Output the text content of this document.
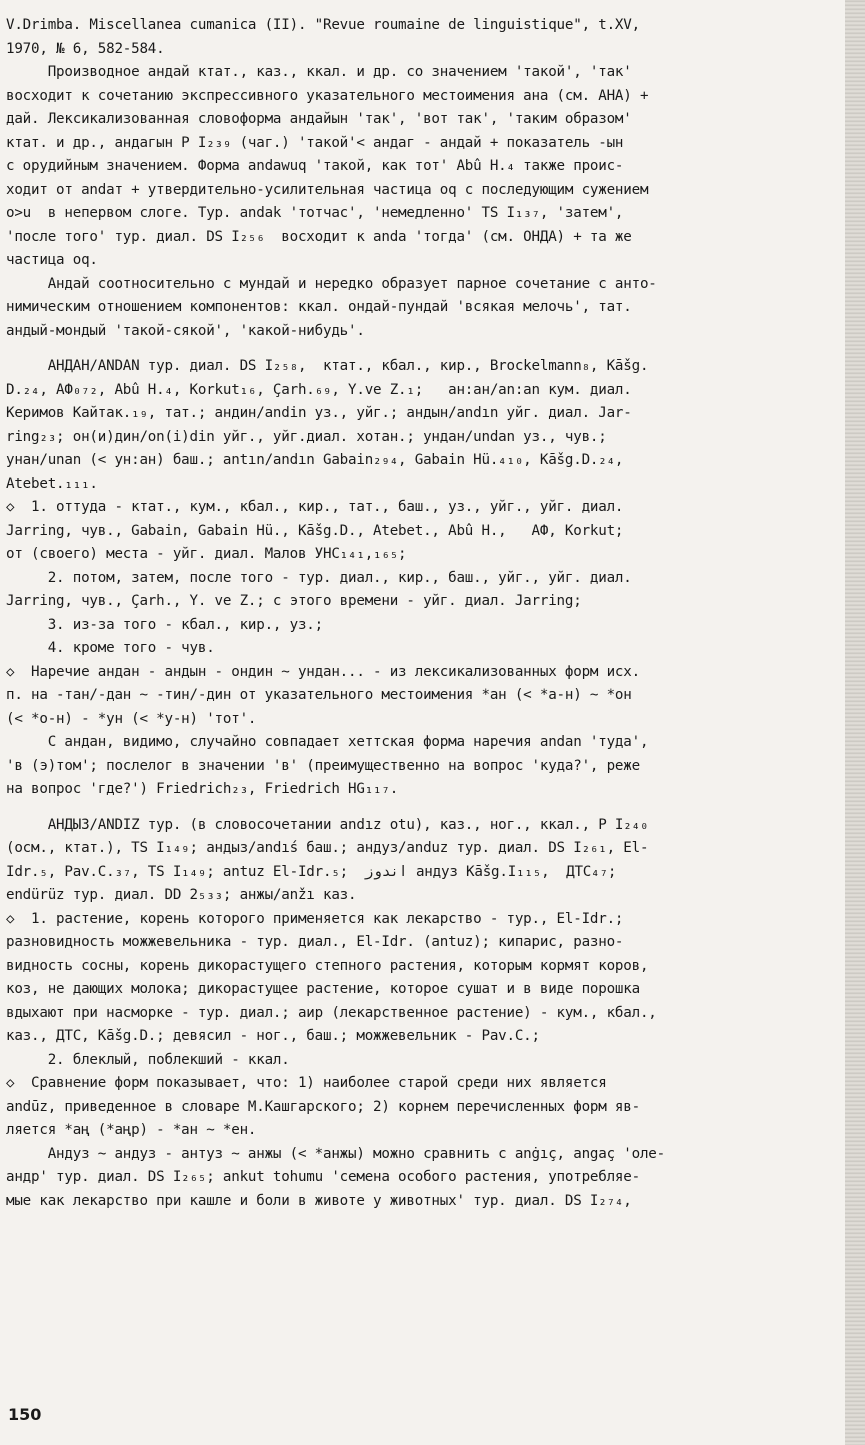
V.Drimba. Miscellanea cumanica (II). "Revue roumaine de linguistique", t.XV,
1970, № 6, 582-584.
Производное андай ктат., каз., ккал. и др. со значением 'такой', 'так'
восходит к сочетанию экспрессивного указательного местоимения ана (см. АНА) +
дай. Лексикализованная словоформа андайын 'так', 'вот так', 'таким образом'
ктат. и др., андагын P I₂₃₉ (чаг.) 'такой'< андаг - андай + показатель -ын
с орудийным значением. Форма andawuq 'такой, как тот' Abû H.₄ также проис-
ходит от andaт + утвердительно-усилительная частица oq с последующим сужением
o>u  в непервом слоге. Тур. andak 'тотчас', 'немедленно' TS I₁₃₇, 'затем',
'после того' тур. диал. DS I₂₅₆  восходит к anda 'тогда' (см. ОНДА) + та же
частица oq.
Андай соотносительно с мундай и нередко образует парное сочетание с анто-
нимическим отношением компонентов: ккал. ондай-пундай 'всякая мелочь', тат.
андый-мондый 'такой-сякой', 'какой-нибудь'.
АНДАН/ANDAN тур. диал. DS I₂₅₈,  ктат., кбал., кир., Brockelmann₈, Kāšg.
D.₂₄, АФ₀₇₂, Abû H.₄, Korkut₁₆, Çarh.₆₉, Y.ve Z.₁;   ан:ан/an:an кум. диал.
Керимов Кайтак.₁₉, тат.; андин/andin уз., уйг.; андын/andın уйг. диал. Jar-
ring₂₃; он(и)дин/on(i)din уйг., уйг.диал. хотан.; ундан/undan уз., чув.;
унан/unan (< ун:ан) баш.; antın/andın Gabain₂₉₄, Gabain Hü.₄₁₀, Kāšg.D.₂₄,
Atebet.₁₁₁.
◇  1. оттуда - ктат., кум., кбал., кир., тат., баш., уз., уйг., уйг. диал.
Jarring, чув., Gabain, Gabain Hü., Kāšg.D., Atebet., Abû H.,   АФ, Korkut;
от (своего) места - уйг. диал. Малов УНС₁₄₁,₁₆₅;
2. потом, затем, после того - тур. диал., кир., баш., уйг., уйг. диал.
Jarring, чув., Çarh., Y. ve Z.; с этого времени - уйг. диал. Jarring;
3. из-за того - кбал., кир., уз.;
4. кроме того - чув.
◇  Наречие андан - андын - ондин ~ ундан... - из лексикализованных форм исх.
п. на -тан/-дан ~ -тин/-дин от указательного местоимения *ан (< *а-н) ~ *он
(< *о-н) - *ун (< *у-н) 'тот'.
С андан, видимо, случайно совпадает хеттская форма наречия andan 'туда',
'в (э)том'; послелог в значении 'в' (преимущественно на вопрос 'куда?', реже
на вопрос 'где?') Friedrich₂₃, Friedrich HG₁₁₇.
АНДЫЗ/ANDIZ тур. (в словосочетании andız otu), каз., ног., ккал., P I₂₄₀
(осм., ктат.), TS I₁₄₉; андыз/andıś баш.; андуз/anduz тур. диал. DS I₂₆₁, El-
Idr.₅, Pav.C.₃₇, TS I₁₄₉; antuz El-Idr.₅;  ﺍﻧﺪﻭﺯ андуз Kāšg.I₁₁₅,  ДТС₄₇;
endürüz тур. диал. DD 2₅₃₃; анжы/anžı каз.
◇  1. растение, корень которого применяется как лекарство - тур., El-Idr.;
разновидность можжевельника - тур. диал., El-Idr. (antuz); кипарис, разно-
видность сосны, корень дикорастущего степного растения, которым кормят коров,
коз, не дающих молока; дикорастущее растение, которое сушат и в виде порошка
вдыхают при насморке - тур. диал.; аир (лекарственное растение) - кум., кбал.,
каз., ДТС, Kāšg.D.; девясил - ног., баш.; можжевельник - Pav.C.;
2. блеклый, поблекший - ккал.
◇  Сравнение форм показывает, что: 1) наиболее старой среди них является
andūz, приведенное в словаре М.Кашгарского; 2) корнем перечисленных форм яв-
ляется *аң (*аңр) - *ан ~ *ен.
Андуз ~ андуз - антуз ~ анжы (< *анжы) можно сравнить с anġıç, angaç 'оле-
андр' тур. диал. DS I₂₆₅; ankut tohumu 'семена особого растения, употребляе-
мые как лекарство при кашле и боли в животе у животных' тур. диал. DS I₂₇₄,
150
